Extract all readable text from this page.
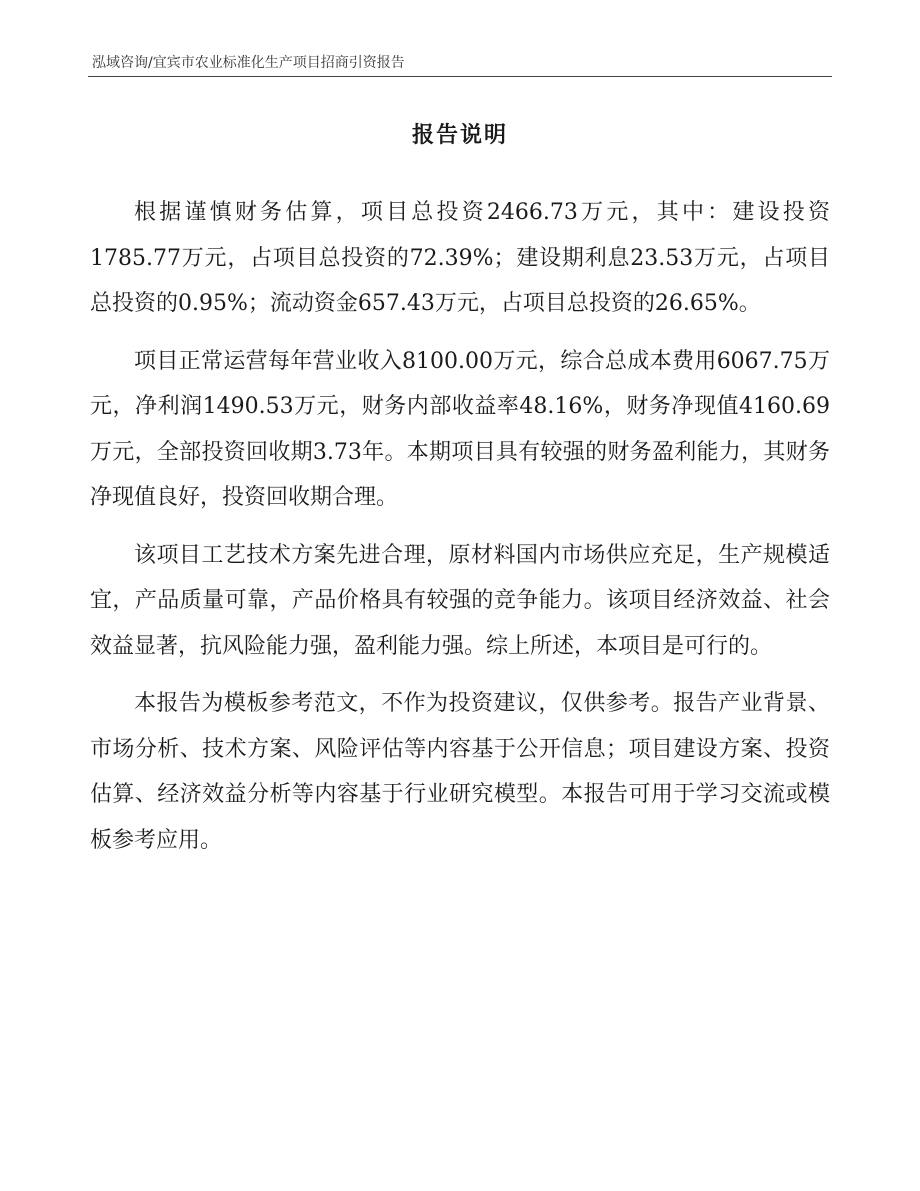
泓域咨询/宜宾市农业标准化生产项目招商引资报告
报告说明

根据谨慎财务估算，项目总投资2466.73万元，其中：建设投资1785.77万元，占项目总投资的72.39%；建设期利息23.53万元，占项目总投资的0.95%；流动资金657.43万元，占项目总投资的26.65%。

项目正常运营每年营业收入8100.00万元，综合总成本费用6067.75万元，净利润1490.53万元，财务内部收益率48.16%，财务净现值4160.69万元，全部投资回收期3.73年。本期项目具有较强的财务盈利能力，其财务净现值良好，投资回收期合理。

该项目工艺技术方案先进合理，原材料国内市场供应充足，生产规模适宜，产品质量可靠，产品价格具有较强的竞争能力。该项目经济效益、社会效益显著，抗风险能力强，盈利能力强。综上所述，本项目是可行的。

本报告为模板参考范文，不作为投资建议，仅供参考。报告产业背景、市场分析、技术方案、风险评估等内容基于公开信息；项目建设方案、投资估算、经济效益分析等内容基于行业研究模型。本报告可用于学习交流或模板参考应用。
